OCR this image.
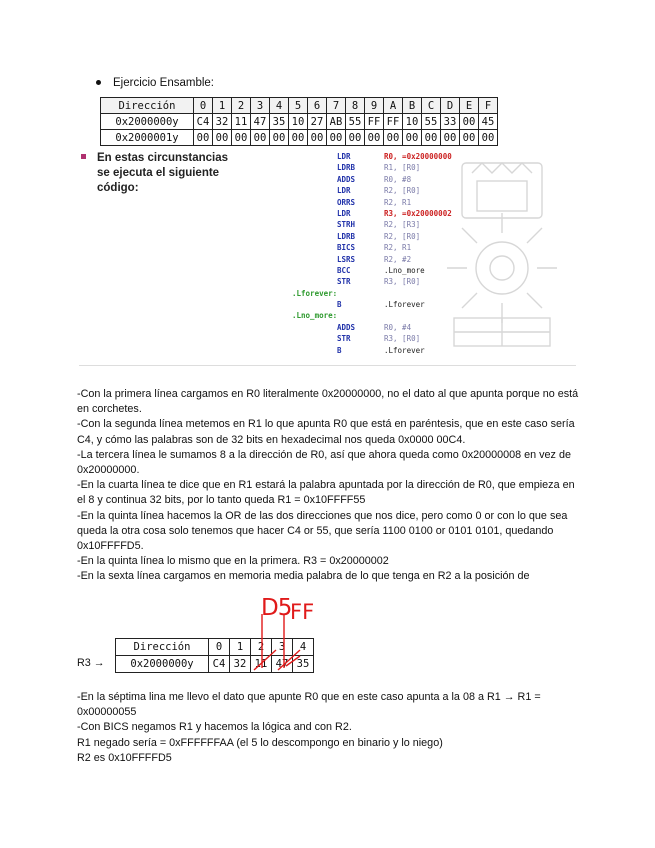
Ejercicio Ensamble:
Dirección	0	1	2	3	4	5	6	7	8	9	A	B	C	D	E	F
0x2000000y	C4	32	11	47	35	10	27	AB	55	FF	FF	10	55	33	00	45
0x2000001y	00	00	00	00	00	00	00	00	00	00	00	00	00	00	00	00
En estas circunstancias
se ejecuta el siguiente
código:
LDR	R0, =0x20000000
LDRB	R1, [R0]
ADDS	R0, #8
LDR	R2, [R0]
ORRS	R2, R1
LDR	R3, =0x20000002
STRH	R2, [R3]
LDRB	R2, [R0]
BICS	R2, R1
LSRS	R2, #2
BCC	.Lno_more
STR	R3, [R0]
.Lforever:
B	.Lforever
.Lno_more:
ADDS	R0, #4
STR	R3, [R0]
B	.Lforever

-Con la primera línea cargamos en R0 literalmente 0x20000000, no el dato al que apunta porque no está en corchetes.

-Con la segunda línea metemos en R1 lo que apunta R0 que está en paréntesis, que en este caso sería C4, y cómo las palabras son de 32 bits en hexadecimal nos queda 0x0000 00C4.

-La tercera línea le sumamos 8 a la dirección de R0, así que ahora queda como 0x20000008 en vez de 0x20000000.

-En la cuarta línea te dice que en R1 estará la palabra apuntada por la dirección de R0, que empieza en el 8 y continua 32 bits, por lo tanto queda R1 = 0x10FFFF55

-En la quinta línea hacemos la OR de las dos direcciones que nos dice, pero como 0 or con lo que sea queda la otra cosa solo tenemos que hacer C4 or 55, que sería 1100 0100 or 0101 0101, quedando 0x10FFFFD5.

-En la quinta línea lo mismo que en la primera. R3 = 0x20000002

-En la sexta línea cargamos en memoria media palabra de lo que tenga en R2 a la posición de

D5
FF
R3 →
Dirección	0	1	2	3	4
0x2000000y	C4	32	11	47	35

-En la séptima lina me llevo el dato que apunte R0 que en este caso apunta a la 08 a R1 → R1 = 0x00000055

-Con BICS negamos R1 y hacemos la lógica and con R2.

R1 negado sería = 0xFFFFFFAA (el 5 lo descompongo en binario y lo niego)

R2 es 0x10FFFFD5
